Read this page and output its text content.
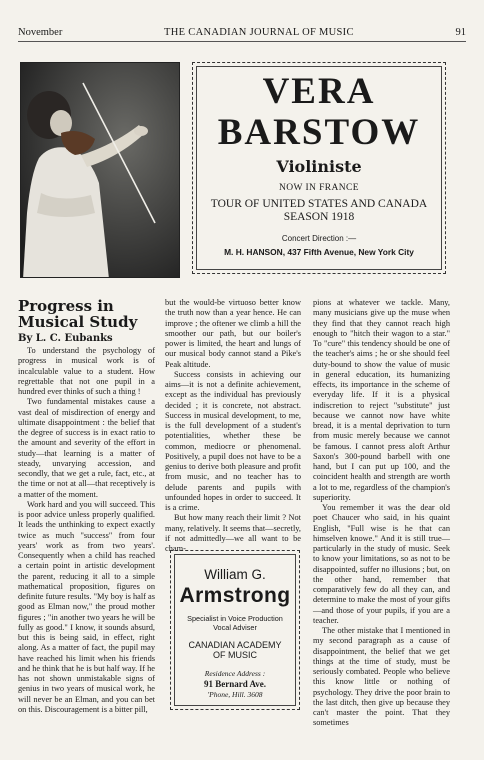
November	THE CANADIAN JOURNAL OF MUSIC	91
VERA
BARSTOW
Violiniste
NOW IN FRANCE
TOUR OF UNITED STATES AND CANADA
SEASON 1918
Concert Direction :—
M. H. HANSON, 437 Fifth Avenue, New York City
Progress in
Musical Study
By L. C. Eubanks

To understand the psychology of progress in musical work is of incalculable value to a student. How regrettable that not one pupil in a hundred ever thinks of such a thing !

Two fundamental mistakes cause a vast deal of misdirection of energy and ultimate disappointment : the belief that the degree of success is in exact ratio to the amount and severity of the effort in study—that learning is a matter of steady, unvarying accession, and secondly, that we get a rule, fact, etc., at the time or not at all—that receptively is a matter of the moment.

Work hard and you will succeed. This is poor advice unless properly qualified. It leads the unthinking to expect exactly twice as much "success" from four years' work as from two years'. Consequently when a child has reached a certain point in artistic development the parent, reducing it all to a simple mathematical proposition, figures on definite future results. "My boy is half as good as Elman now," the proud mother figures ; "in another two years he will be fully as good." I know, it sounds absurd, but this is being said, in effect, right along. As a matter of fact, the pupil may have reached his limit when his friends and he think that he is but half way. If he has not shown unmistakable signs of genius in two years of musical work, he will never be an Elman, and you can bet on this. Discouragement is a bitter pill,

but the would-be virtuoso better know the truth now than a year hence. He can improve ; the oftener we climb a hill the smoother our path, but our boiler's power is limited, the heart and lungs of our musical body cannot stand a Pike's Peak altitude.

Success consists in achieving our aims—it is not a definite achievement, except as the individual has previously decided ; it is concrete, not abstract. Success in musical development, to me, is the full development of a student's potentialities, whether these be common, mediocre or phenomenal. Positively, a pupil does not have to be a genius to derive both pleasure and profit from music, and no teacher has to delude parents and pupils with unfounded hopes in order to succeed. It is a crime.

But how many reach their limit ? Not many, relatively. It seems that—secretly, if not admittedly—we all want to be cham-

pions at whatever we tackle. Many, many musicians give up the muse when they find that they cannot reach high enough to "hitch their wagon to a star." To "cure" this tendency should be one of the teacher's aims ; he or she should feel duty-bound to show the value of music in general education, its humanizing effects, its importance in the scheme of everyday life. If it is a physical indiscretion to reject "substitute" just because we cannot now have white bread, it is a mental deprivation to turn from music merely because we cannot be famous. I cannot press aloft Arthur Saxon's 300-pound barbell with one hand, but I can put up 100, and the coincident health and strength are worth a lot to me, regardless of the champion's superiority.

You remember it was the dear old poet Chaucer who said, in his quaint English, "Full wise is he that can himselven knowe." And it is still true—particularly in the study of music. Seek to know your limitations, so as not to be disappointed, suffer no illusions ; but, on the other hand, remember that comparatively few do all they can, and determine to make the most of your gifts—and those of your pupils, if you are a teacher.

The other mistake that I mentioned in my second paragraph as a cause of disappointment, the belief that we get things at the time of study, must be seriously combated. People who believe this know little or nothing of psychology. They drive the poor brain to the last ditch, then give up because they can't master the point. That they sometimes

William G.
Armstrong
Specialist in Voice Production
Vocal Adviser
CANADIAN ACADEMY
OF MUSIC
Residence Address :
91 Bernard Ave.
'Phone, Hill. 3608
